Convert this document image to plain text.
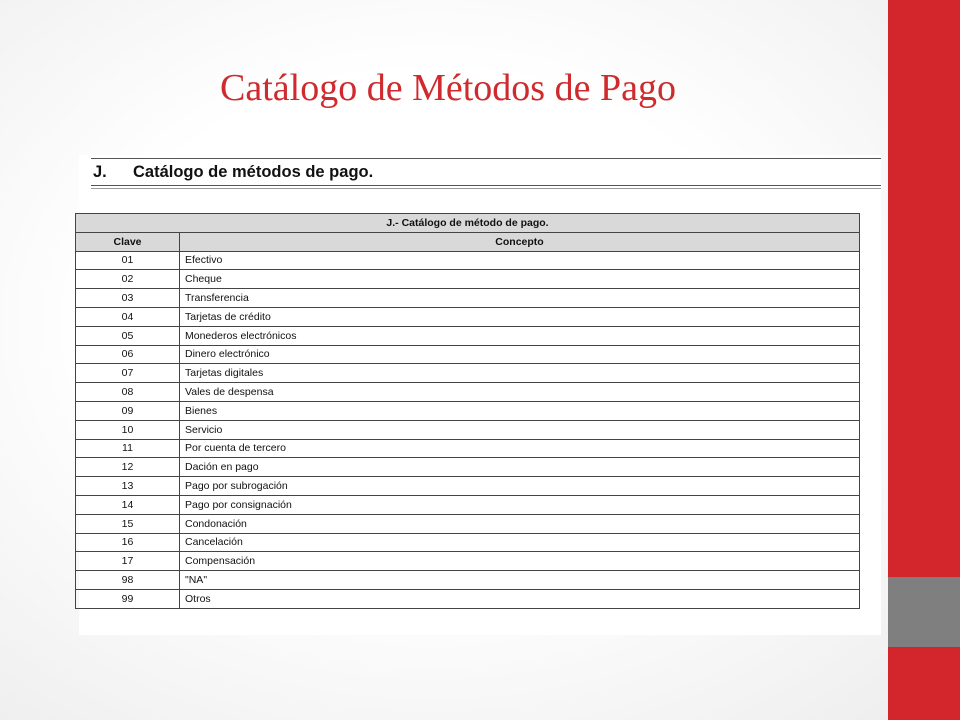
Catálogo de Métodos de Pago
J. Catálogo de métodos de pago.
J.- Catálogo de método de pago.	
Clave	Concepto
01	Efectivo
02	Cheque
03	Transferencia
04	Tarjetas de crédito
05	Monederos electrónicos
06	Dinero electrónico
07	Tarjetas digitales
08	Vales de despensa
09	Bienes
10	Servicio
11	Por cuenta de tercero
12	Dación en pago
13	Pago por subrogación
14	Pago por consignación
15	Condonación
16	Cancelación
17	Compensación
98	"NA"
99	Otros
